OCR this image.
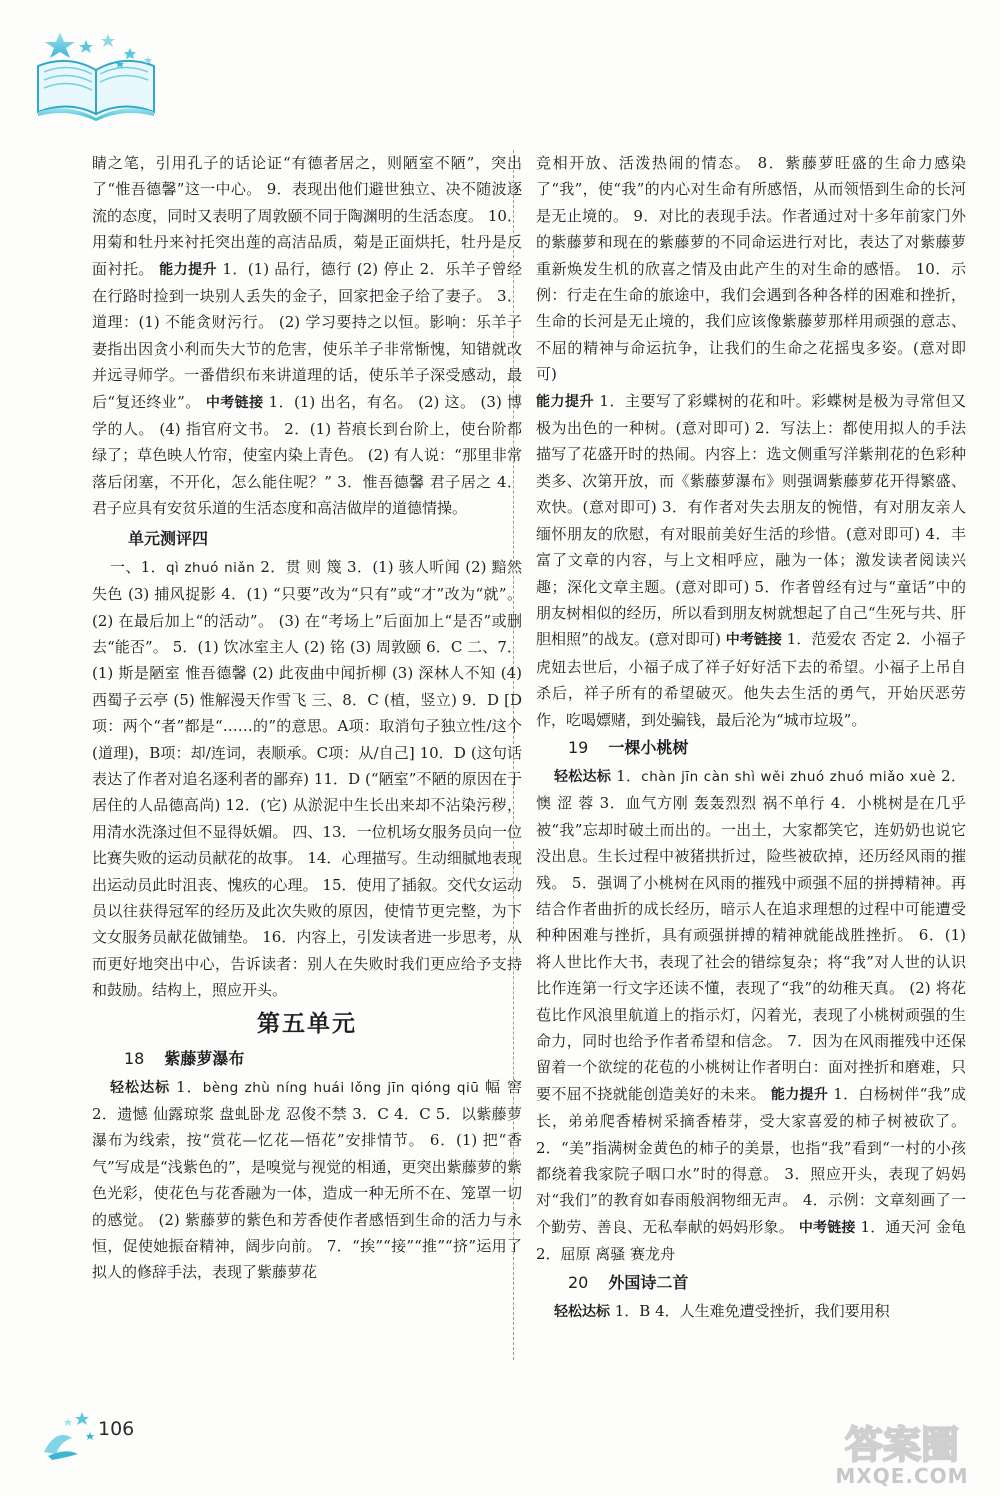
睛之笔，引用孔子的话论证“有德者居之，则陋室不陋”，突出了“惟吾德馨”这一中心。 9．表现出他们避世独立、决不随波逐流的态度，同时又表明了周敦颐不同于陶渊明的生活态度。 10．用菊和牡丹来衬托突出莲的高洁品质，菊是正面烘托，牡丹是反面衬托。 能力提升 1．(1) 品行，德行 (2) 停止 2．乐羊子曾经在行路时捡到一块别人丢失的金子，回家把金子给了妻子。 3．道理：(1) 不能贪财污行。 (2) 学习要持之以恒。影响：乐羊子妻指出因贪小利而失大节的危害，使乐羊子非常惭愧，知错就改并远寻师学。一番借织布来讲道理的话，使乐羊子深受感动，最后“复还终业”。 中考链接 1．(1) 出名，有名。 (2) 这。 (3) 博学的人。 (4) 指官府文书。 2．(1) 苔痕长到台阶上，使台阶都绿了；草色映人竹帘，使室内染上青色。 (2) 有人说：“那里非常落后闭塞，不开化，怎么能住呢？” 3．惟吾德馨 君子居之 4．君子应具有安贫乐道的生活态度和高洁做岸的道德情操。

单元测评四

一、1．qì zhuó niǎn 2．贯 则 篾 3．(1) 骇人听闻 (2) 黯然失色 (3) 捕风捉影 4．(1) “只要”改为“只有”或“才”改为“就”。 (2) 在最后加上“的活动”。 (3) 在“考场上”后面加上“是否”或删去“能否”。 5．(1) 饮冰室主人 (2) 铭 (3) 周敦颐 6．C 二、7．(1) 斯是陋室 惟吾德馨 (2) 此夜曲中闻折柳 (3) 深林人不知 (4) 西蜀子云亭 (5) 惟解漫天作雪飞 三、8．C (植，竖立) 9．D [D项：两个“者”都是“……的”的意思。A项：取消句子独立性/这个 (道理)，B项：却/连词，表顺承。C项：从/自己] 10．D (这句话表达了作者对追名逐利者的鄙弃) 11．D (“陋室”不陋的原因在于居住的人品德高尚) 12．(它) 从淤泥中生长出来却不沾染污秽，用清水洗涤过但不显得妖媚。 四、13．一位机场女服务员向一位比赛失败的运动员献花的故事。 14．心理描写。生动细腻地表现出运动员此时沮丧、愧疚的心理。 15．使用了插叙。交代女运动员以往获得冠军的经历及此次失败的原因，使情节更完整，为下文女服务员献花做铺垫。 16．内容上，引发读者进一步思考，从而更好地突出中心，告诉读者：别人在失败时我们更应给予支持和鼓励。结构上，照应开头。

第五单元
18 紫藤萝瀑布

轻松达标 1．bèng zhù níng huái lǒng jīn qióng qiū 幅 窖 2．遗憾 仙露琼浆 盘虬卧龙 忍俊不禁 3．C 4．C 5．以紫藤萝瀑布为线索，按“赏花—忆花—悟花”安排情节。 6．(1) 把“香气”写成是“浅紫色的”，是嗅觉与视觉的相通，更突出紫藤萝的紫色光彩，使花色与花香融为一体，造成一种无所不在、笼罩一切的感觉。 (2) 紫藤萝的紫色和芳香使作者感悟到生命的活力与永恒，促使她振奋精神，阔步向前。 7．“挨”“接”“推”“挤”运用了拟人的修辞手法，表现了紫藤萝花

竞相开放、活泼热闹的情态。 8．紫藤萝旺盛的生命力感染了“我”，使“我”的内心对生命有所感悟，从而领悟到生命的长河是无止境的。 9．对比的表现手法。作者通过对十多年前家门外的紫藤萝和现在的紫藤萝的不同命运进行对比，表达了对紫藤萝重新焕发生机的欣喜之情及由此产生的对生命的感悟。 10．示例：行走在生命的旅途中，我们会遇到各种各样的困难和挫折，生命的长河是无止境的，我们应该像紫藤萝那样用顽强的意志、不屈的精神与命运抗争，让我们的生命之花摇曳多姿。(意对即可)

能力提升 1．主要写了彩蝶树的花和叶。彩蝶树是极为寻常但又极为出色的一种树。(意对即可) 2．写法上：都使用拟人的手法描写了花盛开时的热闹。内容上：选文侧重写洋紫荆花的色彩种类多、次第开放，而《紫藤萝瀑布》则强调紫藤萝花开得繁盛、欢快。(意对即可) 3．有作者对失去朋友的惋惜，有对朋友亲人缅怀朋友的欣慰，有对眼前美好生活的珍惜。(意对即可) 4．丰富了文章的内容，与上文相呼应，融为一体；激发读者阅读兴趣；深化文章主题。(意对即可) 5．作者曾经有过与“童话”中的朋友树相似的经历，所以看到朋友树就想起了自己“生死与共、肝胆相照”的战友。(意对即可) 中考链接 1．范爱农 否定 2．小福子 虎妞去世后，小福子成了祥子好好活下去的希望。小福子上吊自杀后，祥子所有的希望破灭。他失去生活的勇气，开始厌恶劳作，吃喝嫖赌，到处骗钱，最后沦为“城市垃圾”。

19 一棵小桃树

轻松达标 1．chàn jīn càn shì wěi zhuó zhuó miǎo xuè 2．懊 涩 蓉 3．血气方刚 轰轰烈烈 祸不单行 4．小桃树是在几乎被“我”忘却时破土而出的。一出土，大家都笑它，连奶奶也说它没出息。生长过程中被猪拱折过，险些被砍掉，还历经风雨的摧残。 5．强调了小桃树在风雨的摧残中顽强不屈的拼搏精神。再结合作者曲折的成长经历，暗示人在追求理想的过程中可能遭受种种困难与挫折，具有顽强拼搏的精神就能战胜挫折。 6．(1) 将人世比作大书，表现了社会的错综复杂；将“我”对人世的认识比作连第一行文字还读不懂，表现了“我”的幼稚天真。 (2) 将花苞比作风浪里航道上的指示灯，闪着光，表现了小桃树顽强的生命力，同时也给予作者希望和信念。 7．因为在风雨摧残中还保留着一个欲绽的花苞的小桃树让作者明白：面对挫折和磨难，只要不屈不挠就能创造美好的未来。 能力提升 1．白杨树伴“我”成长，弟弟爬香椿树采摘香椿芽，受大家喜爱的柿子树被砍了。 2．“美”指满树金黄色的柿子的美景，也指“我”看到“一村的小孩都绕着我家院子咽口水”时的得意。 3．照应开头，表现了妈妈对“我们”的教育如春雨般润物细无声。 4．示例：文章刻画了一个勤劳、善良、无私奉献的妈妈形象。 中考链接 1．通天河 金龟 2．屈原 离骚 赛龙舟

20 外国诗二首

轻松达标 1．B 4．人生难免遭受挫折，我们要用积

106	答案圈
MXQE.COM
